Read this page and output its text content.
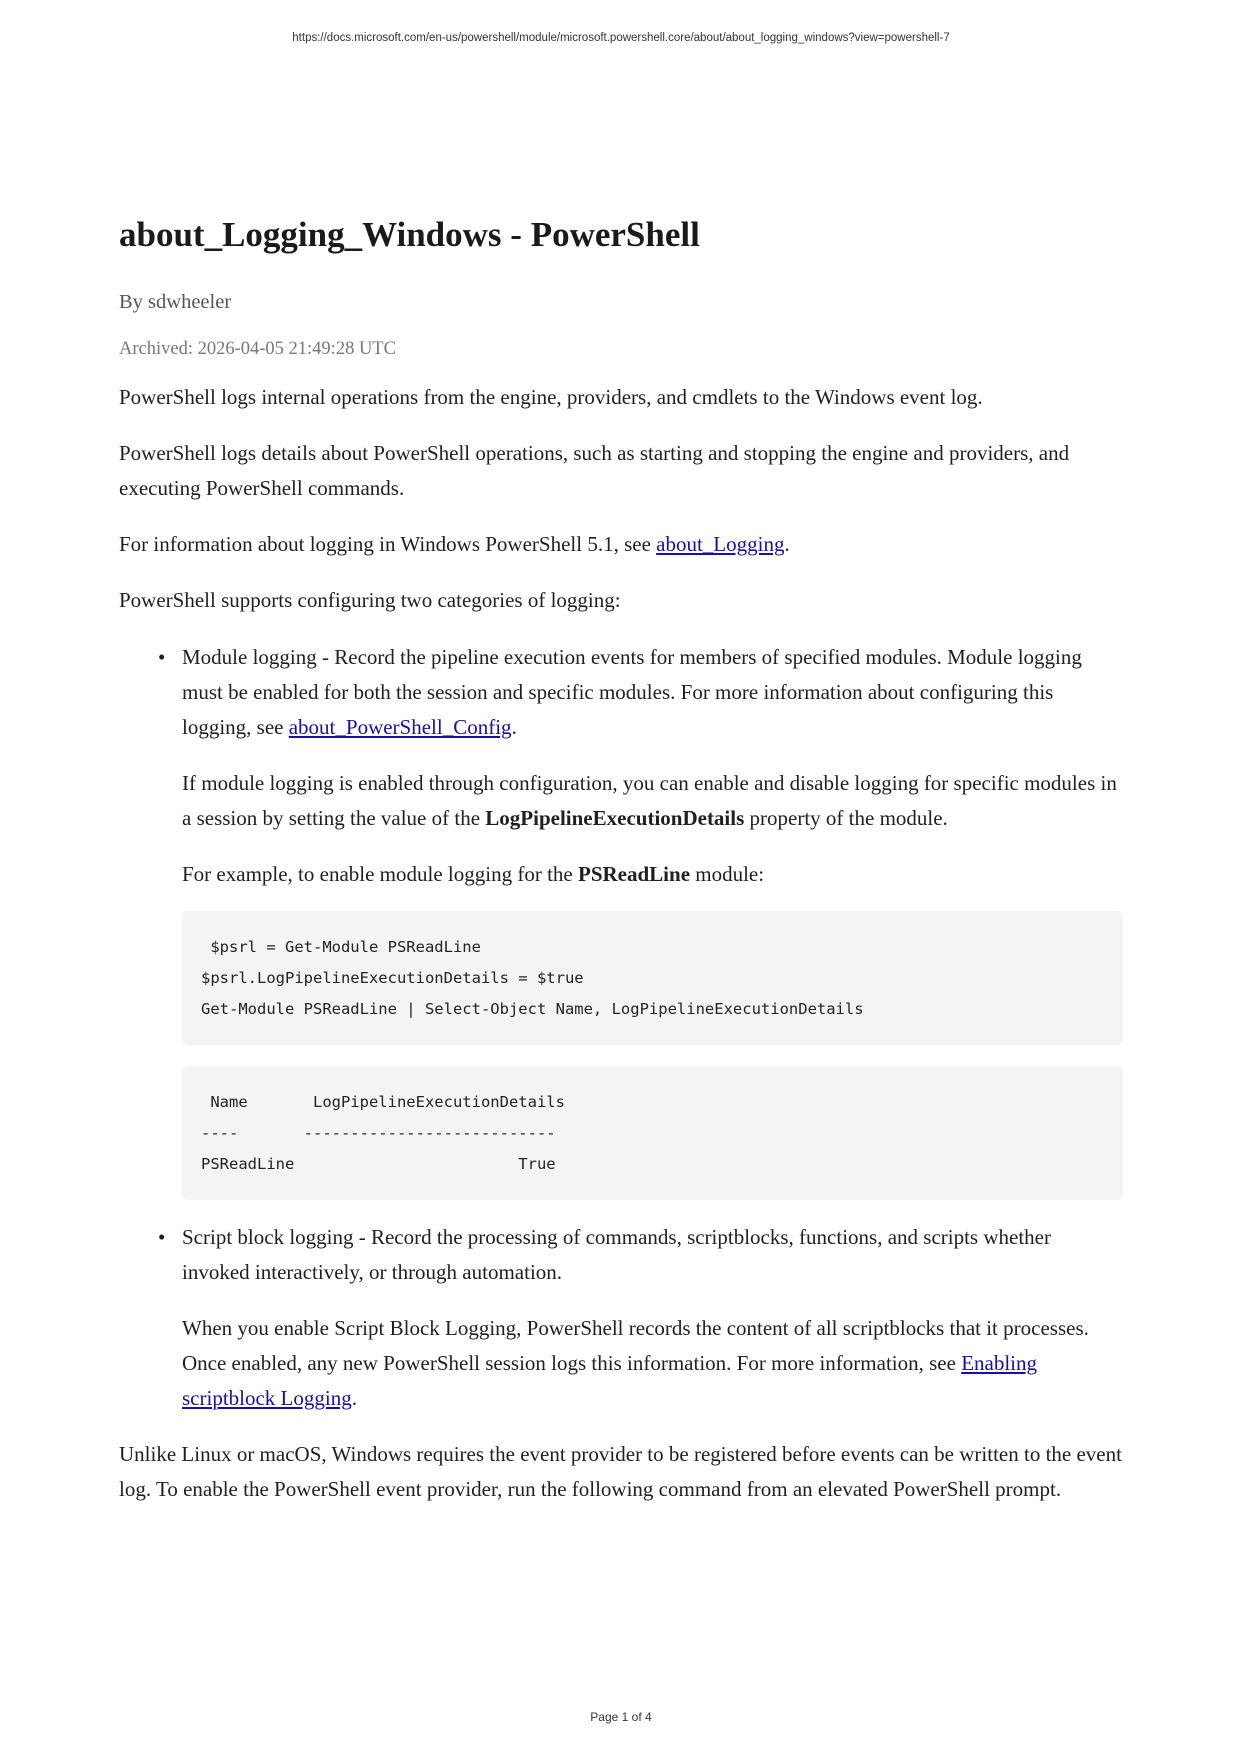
https://docs.microsoft.com/en-us/powershell/module/microsoft.powershell.core/about/about_logging_windows?view=powershell-7
about_Logging_Windows - PowerShell
By sdwheeler
Archived: 2026-04-05 21:49:28 UTC

PowerShell logs internal operations from the engine, providers, and cmdlets to the Windows event log.

PowerShell logs details about PowerShell operations, such as starting and stopping the engine and providers, and executing PowerShell commands.

For information about logging in Windows PowerShell 5.1, see about_Logging.

PowerShell supports configuring two categories of logging:

• Module logging - Record the pipeline execution events for members of specified modules. Module logging must be enabled for both the session and specific modules. For more information about configuring this logging, see about_PowerShell_Config.

If module logging is enabled through configuration, you can enable and disable logging for specific modules in a session by setting the value of the LogPipelineExecutionDetails property of the module.

For example, to enable module logging for the PSReadLine module:

$psrl = Get-Module PSReadLine
$psrl.LogPipelineExecutionDetails = $true
Get-Module PSReadLine | Select-Object Name, LogPipelineExecutionDetails
Name       LogPipelineExecutionDetails
----       ---------------------------
PSReadLine                        True
• Script block logging - Record the processing of commands, scriptblocks, functions, and scripts whether invoked interactively, or through automation.

When you enable Script Block Logging, PowerShell records the content of all scriptblocks that it processes. Once enabled, any new PowerShell session logs this information. For more information, see Enabling scriptblock Logging.

Unlike Linux or macOS, Windows requires the event provider to be registered before events can be written to the event log. To enable the PowerShell event provider, run the following command from an elevated PowerShell prompt.

Page 1 of 4
